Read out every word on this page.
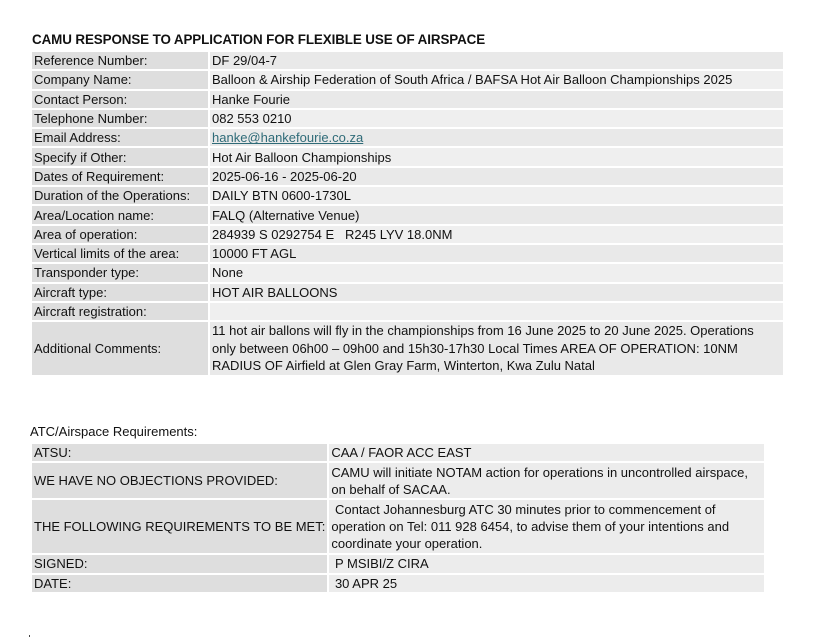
CAMU RESPONSE TO APPLICATION FOR FLEXIBLE USE OF AIRSPACE
Reference Number:	DF 29/04-7
Company Name:	Balloon & Airship Federation of South Africa / BAFSA Hot Air Balloon Championships 2025
Contact Person:	Hanke Fourie
Telephone Number:	082 553 0210
Email Address:	hanke@hankefourie.co.za
Specify if Other:	Hot Air Balloon Championships
Dates of Requirement:	2025-06-16 - 2025-06-20
Duration of the Operations:	DAILY BTN 0600-1730L
Area/Location name:	FALQ (Alternative Venue)
Area of operation:	284939 S 0292754 E   R245 LYV 18.0NM
Vertical limits of the area:	10000 FT AGL
Transponder type:	None
Aircraft type:	HOT AIR BALLOONS
Aircraft registration:	
Additional Comments:	11 hot air ballons will fly in the championships from 16 June 2025 to 20 June 2025. Operations only between 06h00 – 09h00 and 15h30-17h30 Local Times AREA OF OPERATION: 10NM RADIUS OF Airfield at Glen Gray Farm, Winterton, Kwa Zulu Natal
ATC/Airspace Requirements:
ATSU:	CAA / FAOR ACC EAST
WE HAVE NO OBJECTIONS PROVIDED:	CAMU will initiate NOTAM action for operations in uncontrolled airspace, on behalf of SACAA.
THE FOLLOWING REQUIREMENTS TO BE MET:	Contact Johannesburg ATC 30 minutes prior to commencement of operation on Tel: 011 928 6454, to advise them of your intentions and coordinate your operation.
SIGNED:	P MSIBI/Z CIRA
DATE:	30 APR 25
